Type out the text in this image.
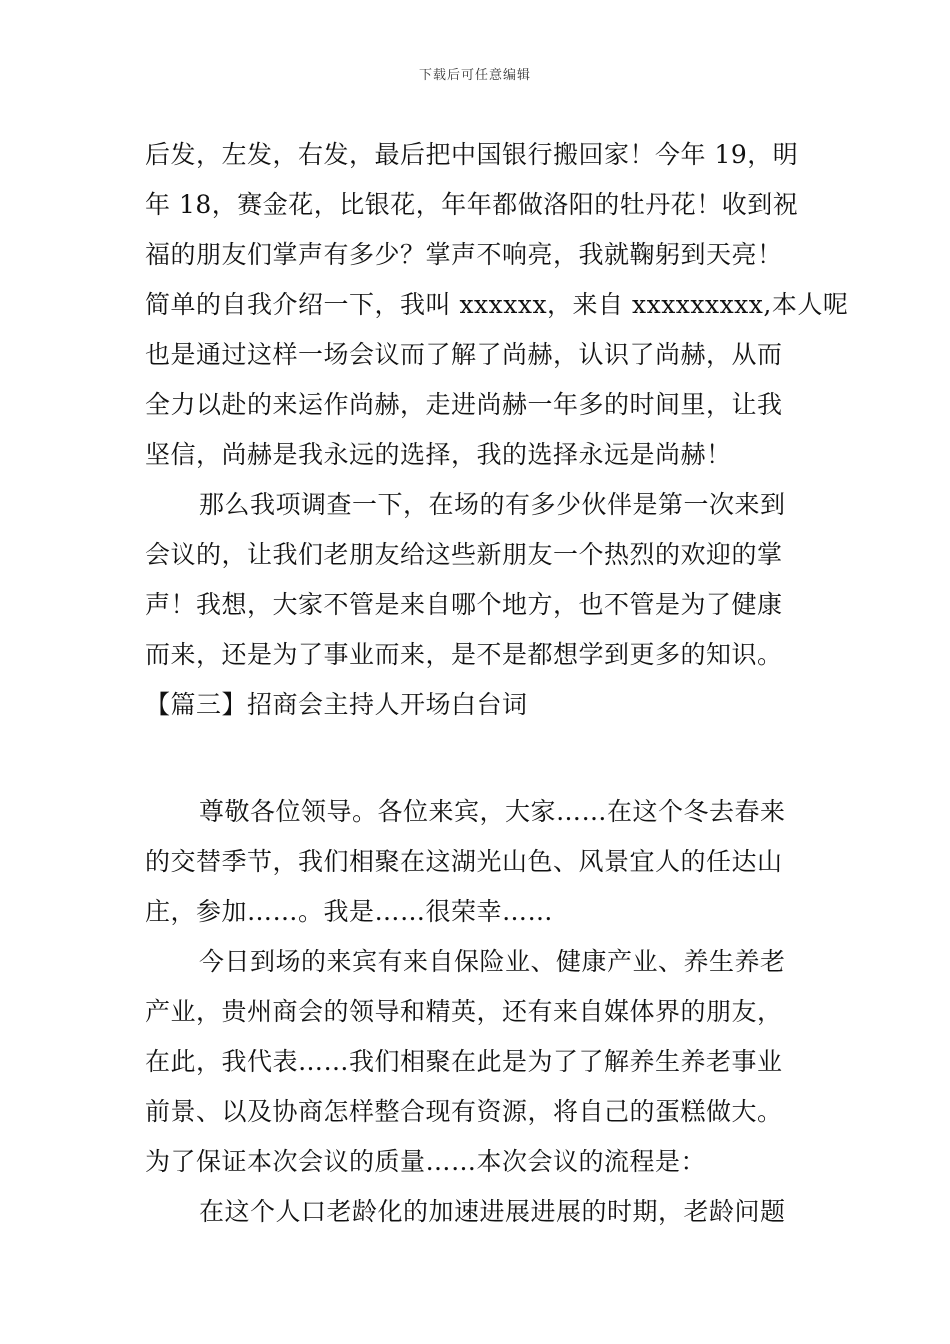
下载后可任意编辑
后发，左发，右发，最后把中国银行搬回家！今年 19，明
年 18，赛金花，比银花，年年都做洛阳的牡丹花！收到祝
福的朋友们掌声有多少？掌声不响亮，我就鞠躬到天亮！
简单的自我介绍一下，我叫 xxxxxx，来自 xxxxxxxxx,本人呢
也是通过这样一场会议而了解了尚赫，认识了尚赫，从而
全力以赴的来运作尚赫，走进尚赫一年多的时间里，让我
坚信，尚赫是我永远的选择，我的选择永远是尚赫！
那么我项调查一下，在场的有多少伙伴是第一次来到
会议的，让我们老朋友给这些新朋友一个热烈的欢迎的掌
声！我想，大家不管是来自哪个地方，也不管是为了健康
而来，还是为了事业而来，是不是都想学到更多的知识。
【篇三】招商会主持人开场白台词
尊敬各位领导。各位来宾，大家……在这个冬去春来
的交替季节，我们相聚在这湖光山色、风景宜人的任达山
庄，参加……。我是……很荣幸……
今日到场的来宾有来自保险业、健康产业、养生养老
产业，贵州商会的领导和精英，还有来自媒体界的朋友，
在此，我代表……我们相聚在此是为了了解养生养老事业
前景、以及协商怎样整合现有资源，将自己的蛋糕做大。
为了保证本次会议的质量……本次会议的流程是：
在这个人口老龄化的加速进展进展的时期，老龄问题
